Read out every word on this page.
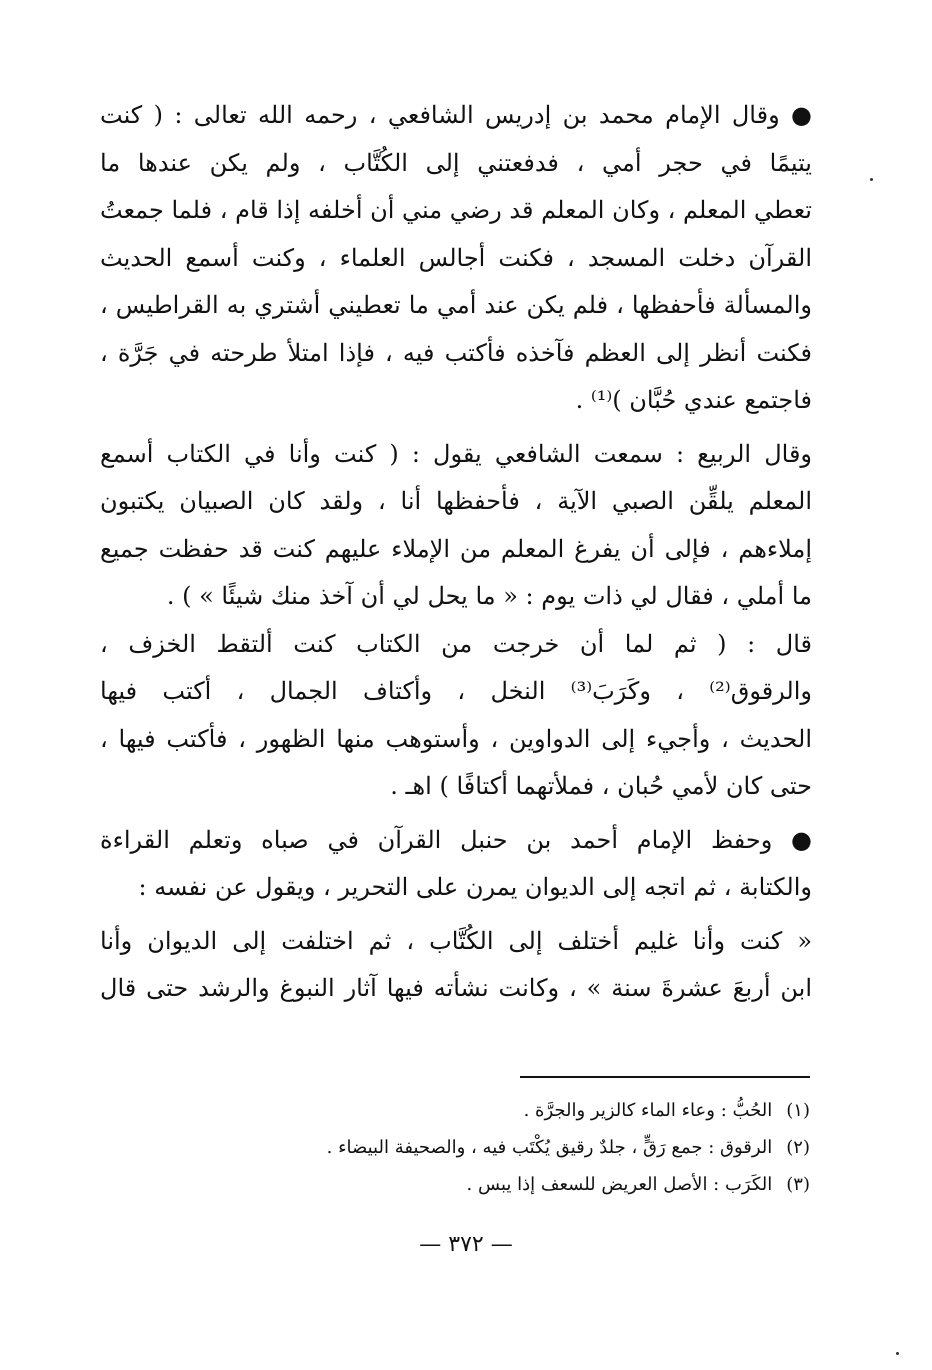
● وقال الإمام محمد بن إدريس الشافعي ، رحمه الله تعالى : ( كنت
يتيمًا في حجر أمي ، فدفعتني إلى الكُتَّاب ، ولم يكن عندها ما
تعطي المعلم ، وكان المعلم قد رضي مني أن أخلفه إذا قام ، فلما جمعتُ
القرآن دخلت المسجد ، فكنت أجالس العلماء ، وكنت أسمع الحديث
والمسألة فأحفظها ، فلم يكن عند أمي ما تعطيني أشتري به القراطيس ،
فكنت أنظر إلى العظم فآخذه فأكتب فيه ، فإذا امتلأ طرحته في جَرَّة ،
فاجتمع عندي حُبَّان )⁽¹⁾ .

وقال الربيع : سمعت الشافعي يقول : ( كنت وأنا في الكتاب أسمع
المعلم يلقِّن الصبي الآية ، فأحفظها أنا ، ولقد كان الصبيان يكتبون
إملاءهم ، فإلى أن يفرغ المعلم من الإملاء عليهم كنت قد حفظت جميع
ما أملي ، فقال لي ذات يوم : « ما يحل لي أن آخذ منك شيئًا » ) .

قال : ( ثم لما أن خرجت من الكتاب كنت ألتقط الخزف ،
والرقوق⁽²⁾ ، وكَرَبَ⁽³⁾ النخل ، وأكتاف الجمال ، أكتب فيها
الحديث ، وأجيء إلى الدواوين ، وأستوهب منها الظهور ، فأكتب فيها ،
حتى كان لأمي حُبان ، فملأتهما أكتافًا ) اهـ .

● وحفظ الإمام أحمد بن حنبل القرآن في صباه وتعلم القراءة
والكتابة ، ثم اتجه إلى الديوان يمرن على التحرير ، ويقول عن نفسه :

« كنت وأنا غليم أختلف إلى الكُتَّاب ، ثم اختلفت إلى الديوان وأنا
ابن أربعَ عشرةَ سنة » ، وكانت نشأته فيها آثار النبوغ والرشد حتى قال

(١)الحُبُّ : وعاء الماء كالزير والجرَّة .
(٢)الرقوق : جمع رَقٍّ ، جلدٌ رقيق يُكْتَب فيه ، والصحيفة البيضاء .
(٣)الكَرَب : الأصل العريض للسعف إذا يبس .
— ٣٧٢ —
